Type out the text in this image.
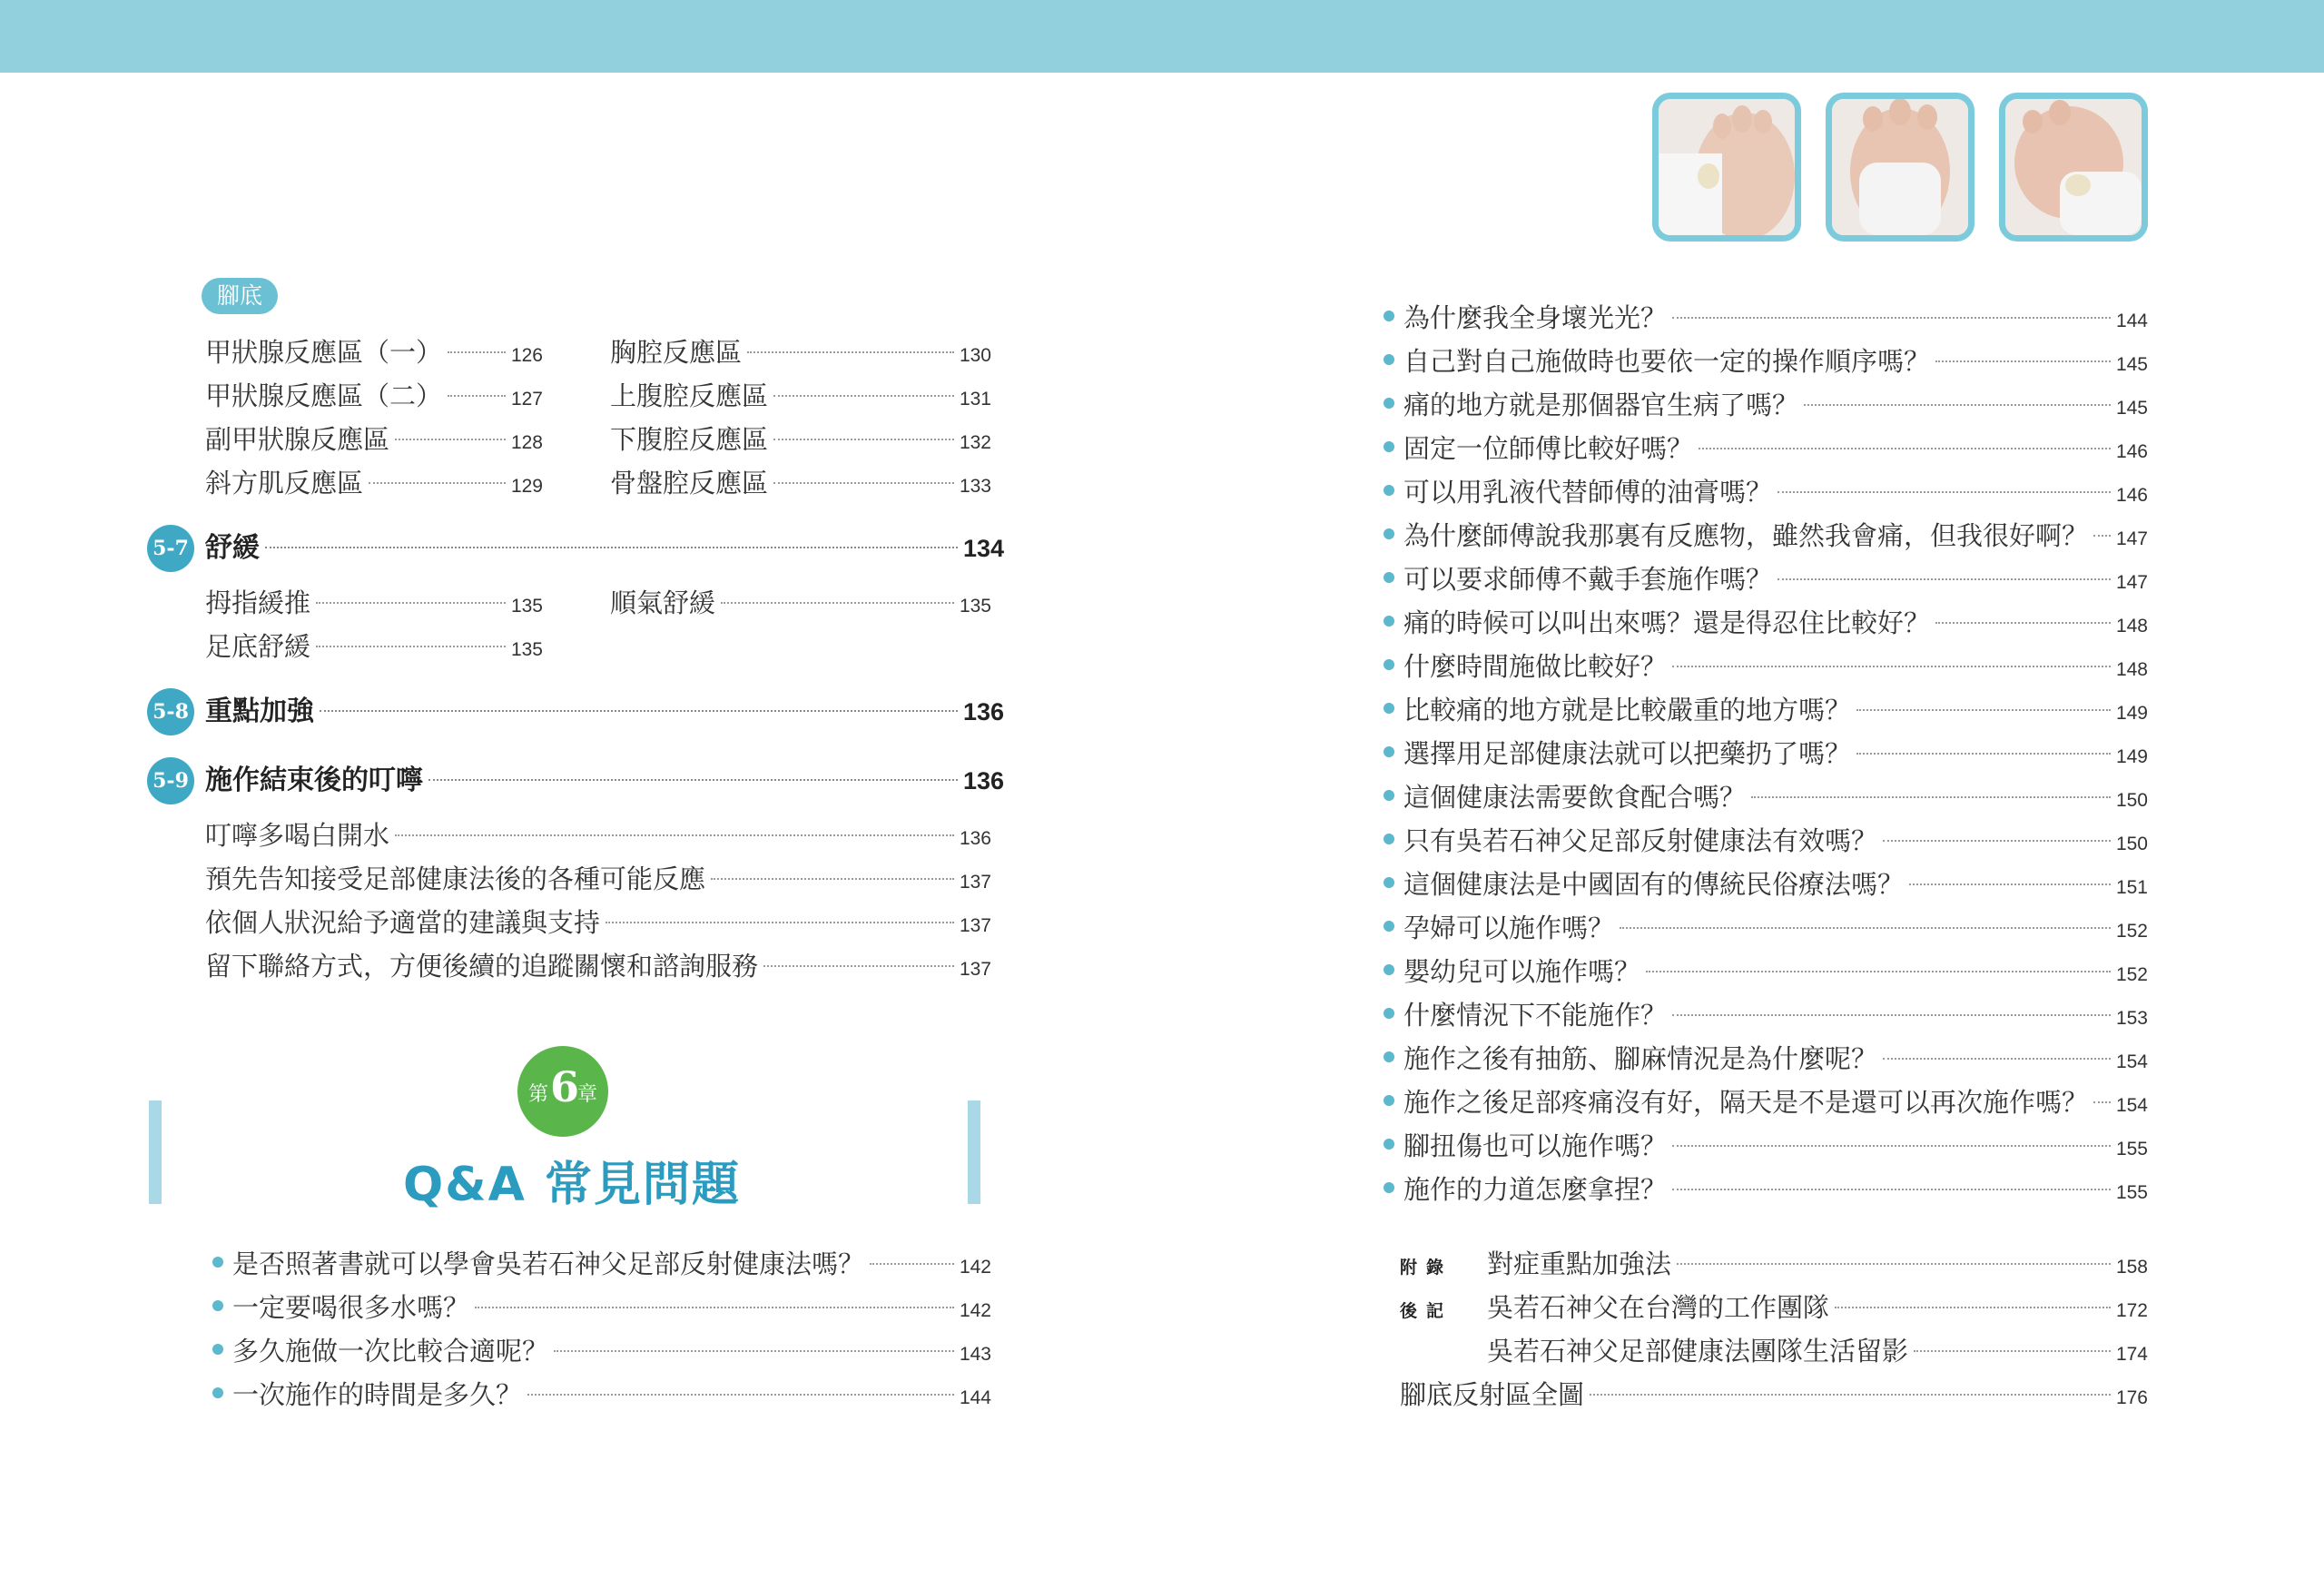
腳底
甲狀腺反應區（一）	126
甲狀腺反應區（二）	127
副甲狀腺反應區	128
斜方肌反應區	129
胸腔反應區	130
上腹腔反應區	131
下腹腔反應區	132
骨盤腔反應區	133
5-7 舒緩	134
拇指緩推	135	順氣舒緩	135
足底舒緩	135
5-8 重點加強	136
5-9 施作結束後的叮嚀	136
叮嚀多喝白開水	136
預先告知接受足部健康法後的各種可能反應	137
依個人狀況給予適當的建議與支持	137
留下聯絡方式，方便後續的追蹤關懷和諮詢服務	137
第 6
章
Q&A 常見問題
是否照著書就可以學會吳若石神父足部反射健康法嗎？	142
一定要喝很多水嗎？	142
多久施做一次比較合適呢？	143
一次施作的時間是多久？	144
為什麼我全身壞光光？	144
自己對自己施做時也要依一定的操作順序嗎？	145
痛的地方就是那個器官生病了嗎？	145
固定一位師傅比較好嗎？	146
可以用乳液代替師傅的油膏嗎？	146
為什麼師傅說我那裏有反應物，雖然我會痛，但我很好啊？ 147
可以要求師傅不戴手套施作嗎？	147
痛的時候可以叫出來嗎？還是得忍住比較好？	148
什麼時間施做比較好？	148
比較痛的地方就是比較嚴重的地方嗎？	149
選擇用足部健康法就可以把藥扔了嗎？	149
這個健康法需要飲食配合嗎？	150
只有吳若石神父足部反射健康法有效嗎？	150
這個健康法是中國固有的傳統民俗療法嗎？	151
孕婦可以施作嗎？	152
嬰幼兒可以施作嗎？	152
什麼情況下不能施作？	153
施作之後有抽筋、腳麻情況是為什麼呢？	154
施作之後足部疼痛沒有好，隔天是不是還可以再次施作嗎？ 154
腳扭傷也可以施作嗎？	155
施作的力道怎麼拿捏？	155
附錄	對症重點加強法	158
後記	吳若石神父在台灣的工作團隊	172
吳若石神父足部健康法團隊生活留影	174
腳底反射區全圖	176
